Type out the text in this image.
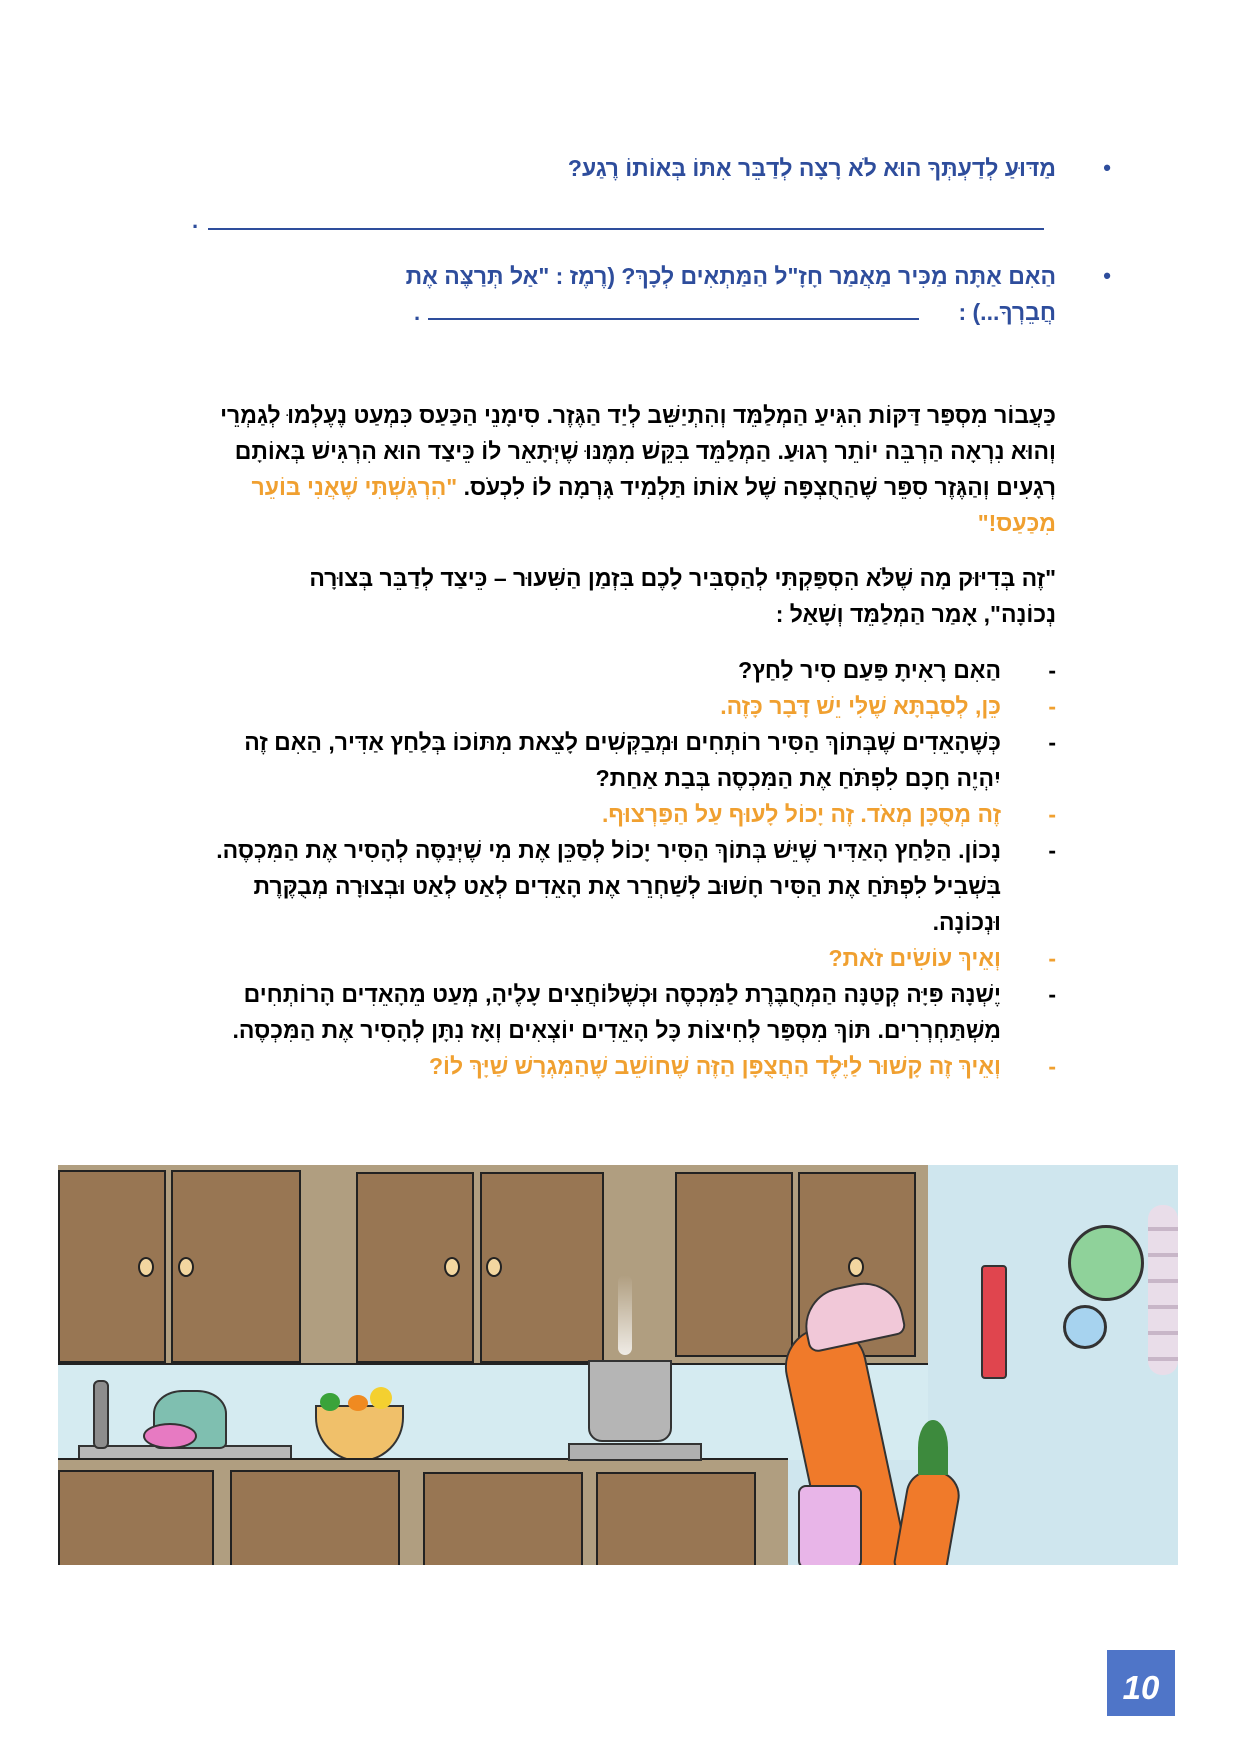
•
מַדּוּעַ לְדַעְתְּךָ הוּא לֹא רָצָה לְדַבֵּר אִתּוֹ בְּאוֹתוֹ רֶגַע?
.
•
הַאִם אַתָּה מַכִּיר מַאֲמַר חָזָ"ל הַמַּתְאִים לְכָךְ? (רֶמֶז : "אַל תְּרַצֶּה אֶת
חֲבֵרְךָ...) :
.
כַּעֲבוֹר מִסְפַּר דַּקּוֹת הִגִּיעַ הַמְלַמֵּד וְהִתְיַשֵּׁב לְיַד הַגֶּזֶר. סִימָנֵי הַכַּעַס כִּמְעַט נֶעֶלְמוּ לְגַמְרֵי וְהוּא נִרְאָה הַרְבֵּה יוֹתֵר רָגוּעַ. הַמְלַמֵּד בִּקֵּשׁ מִמֶּנּוּ שֶׁיְּתָאֵר לוֹ כֵּיצַד הוּא הִרְגִּישׁ בְּאוֹתָם רְגָעִים וְהַגֶּזֶר סִפֵּר שֶׁהַחֻצְפָּה שֶׁל אוֹתוֹ תַּלְמִיד גָּרְמָה לוֹ לִכְעֹס. "הִרְגַּשְׁתִּי שֶׁאֲנִי בּוֹעֵר מִכַּעַס!"
"זֶה בְּדִיּוּק מָה שֶׁלֹּא הִסְפַּקְתִּי לְהַסְבִּיר לָכֶם בִּזְמַן הַשִּׁעוּר – כֵּיצַד לְדַבֵּר בְּצוּרָה נְכוֹנָה", אָמַר הַמְלַמֵּד וְשָׁאַל :
-
הַאִם רָאִיתָ פַּעַם סִיר לַחַץ?
-
כֵּן, לְסַבְתָּא שֶׁלִּי יֵשׁ דָּבָר כָּזֶה.
-
כְּשֶׁהָאֵדִים שֶׁבְּתוֹךְ הַסִּיר רוֹתְחִים וּמְבַקְּשִׁים לָצֵאת מִתּוֹכוֹ בְּלַחַץ אַדִּיר, הַאִם זֶה יִהְיֶה חָכָם לִפְתֹּחַ אֶת הַמִּכְסֶה בְּבַת אַחַת?
-
זֶה מְסֻכָּן מְאֹד. זֶה יָכוֹל לָעוּף עַל הַפַּרְצוּף.
-
נָכוֹן. הַלַּחַץ הָאַדִּיר שֶׁיֵּשׁ בְּתוֹךְ הַסִּיר יָכוֹל לְסַכֵּן אֶת מִי שֶׁיְּנַסֶּה לְהָסִיר אֶת הַמִּכְסֶה. בִּשְׁבִיל לִפְתֹּחַ אֶת הַסִּיר חָשׁוּב לְשַׁחְרֵר אֶת הָאֵדִים לְאַט לְאַט וּבְצוּרָה מְבֻקֶּרֶת וּנְכוֹנָה.
-
וְאֵיךְ עוֹשִׂים זֹאת?
-
יֶשְׁנָהּ פִּיָּה קְטַנָּה הַמְחֻבֶּרֶת לַמִּכְסֶה וּכְשֶׁלּוֹחֲצִים עָלֶיהָ, מְעַט מֵהָאֵדִים הָרוֹתְחִים מִשְׁתַּחְרְרִים. תּוֹךְ מִסְפַּר לְחִיצוֹת כָּל הָאֵדִים יוֹצְאִים וְאָז נִתָּן לְהָסִיר אֶת הַמִּכְסֶה.
-
וְאֵיךְ זֶה קָשׁוּר לַיֶּלֶד הַחֲצֻפָּן הַזֶּה שֶׁחוֹשֵׁב שֶׁהַמִּגְרָשׁ שַׁיָּךְ לוֹ?
10
